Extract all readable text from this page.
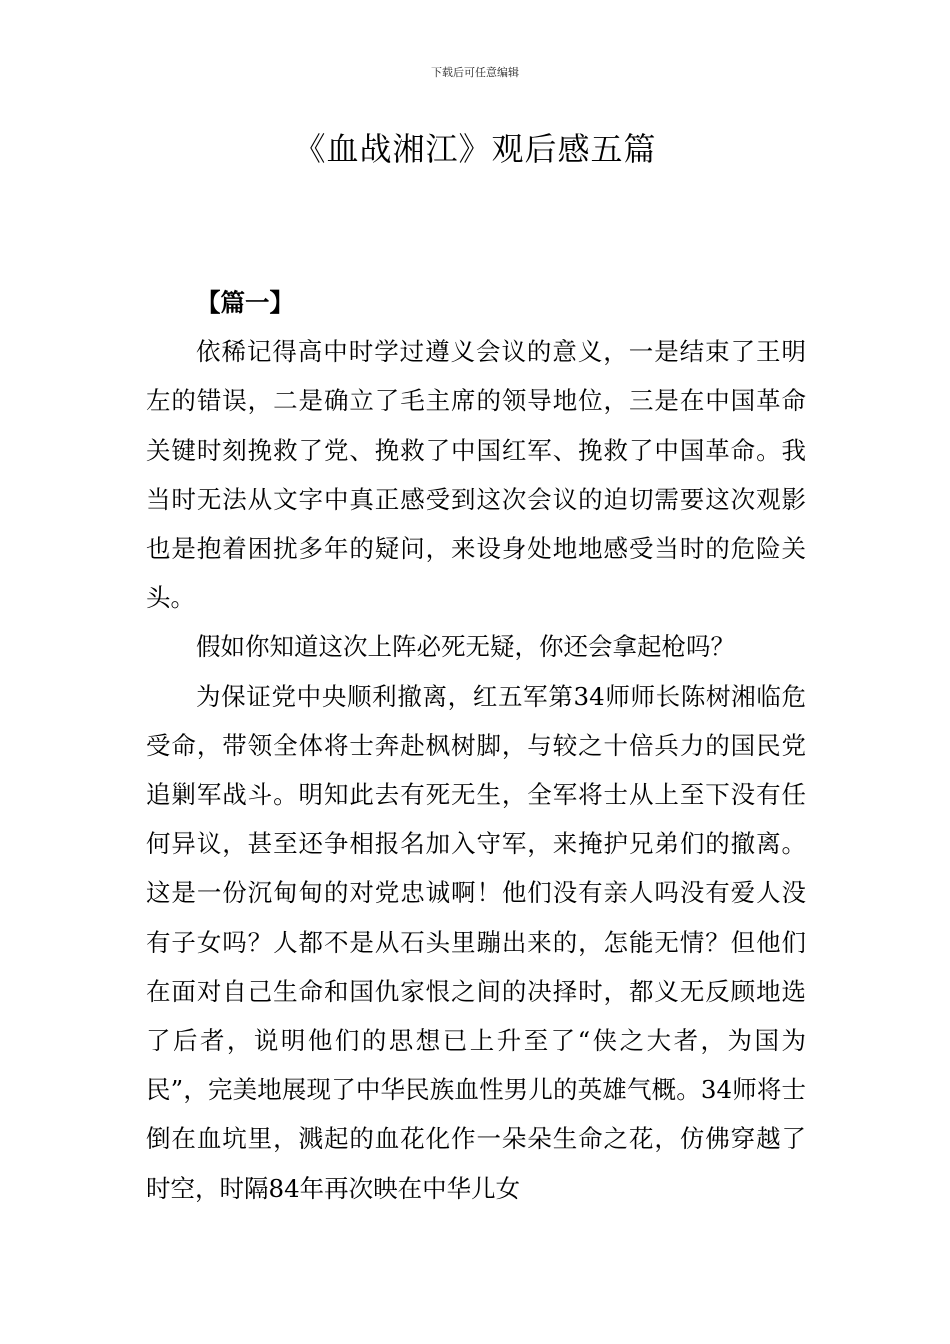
下载后可任意编辑
《血战湘江》观后感五篇

【篇一】

依稀记得高中时学过遵义会议的意义，一是结束了王明左的错误，二是确立了毛主席的领导地位，三是在中国革命关键时刻挽救了党、挽救了中国红军、挽救了中国革命。我当时无法从文字中真正感受到这次会议的迫切需要这次观影也是抱着困扰多年的疑问，来设身处地地感受当时的危险关头。

假如你知道这次上阵必死无疑，你还会拿起枪吗？

为保证党中央顺利撤离，红五军第34师师长陈树湘临危受命，带领全体将士奔赴枫树脚，与较之十倍兵力的国民党追剿军战斗。明知此去有死无生，全军将士从上至下没有任何异议，甚至还争相报名加入守军，来掩护兄弟们的撤离。这是一份沉甸甸的对党忠诚啊！他们没有亲人吗没有爱人没有子女吗？人都不是从石头里蹦出来的，怎能无情？但他们在面对自己生命和国仇家恨之间的决择时，都义无反顾地选了后者，说明他们的思想已上升至了“侠之大者，为国为民”，完美地展现了中华民族血性男儿的英雄气概。34师将士倒在血坑里，溅起的血花化作一朵朵生命之花，仿佛穿越了时空，时隔84年再次映在中华儿女
